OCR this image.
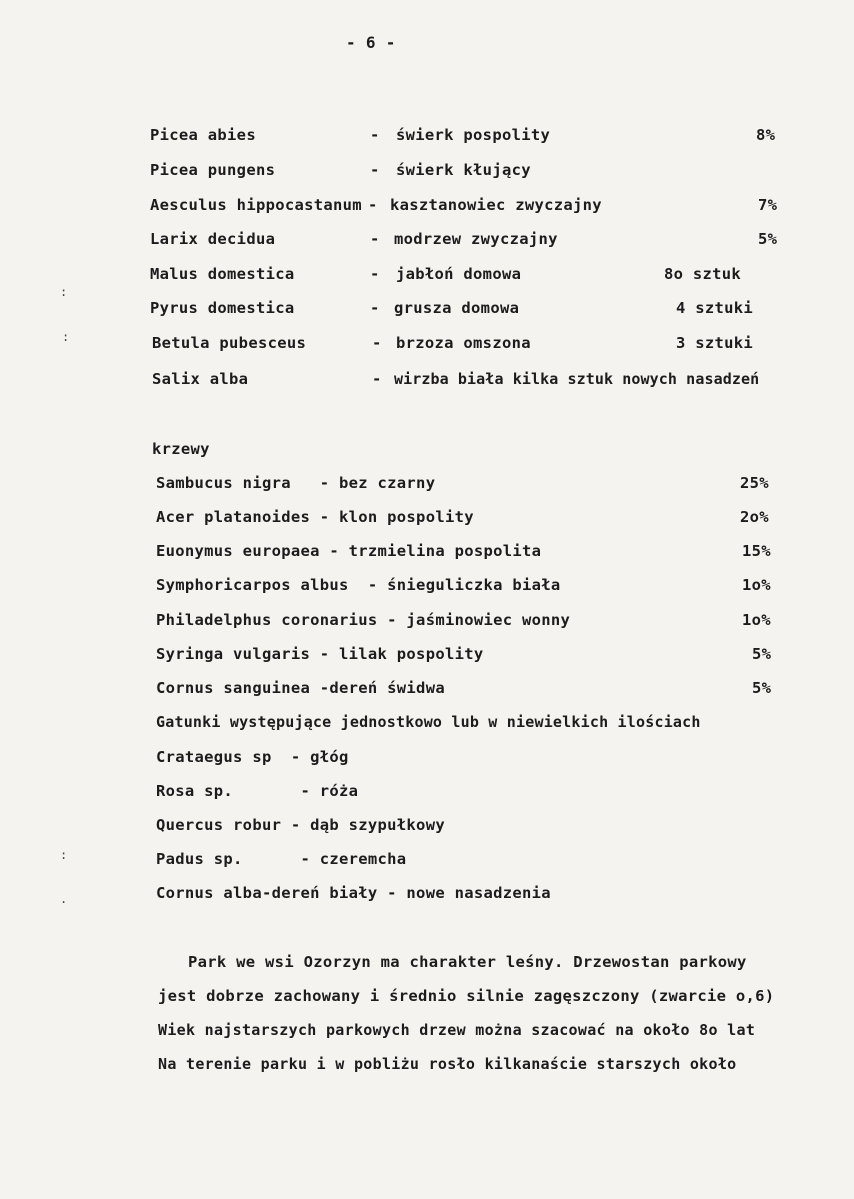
- 6 -
Picea abies	- świerk pospolity	8%
Picea pungens	- świerk kłujący
Aesculus hippocastanum - kasztanowiec zwyczajny	7%
Larix decidua	- modrzew zwyczajny	5%
Malus domestica	- jabłoń domowa	8o sztuk
Pyrus domestica	- grusza domowa	4 sztuki
Betula pubesceus	- brzoza omszona	3 sztuki
Salix alba	- wirzba biała kilka sztuk nowych nasadzeń
krzewy
Sambucus nigra   - bez czarny	25%
Acer platanoides - klon pospolity	2o%
Euonymus europaea - trzmielina pospolita	15%
Symphoricarpos albus  - śnieguliczka biała	1o%
Philadelphus coronarius - jaśminowiec wonny	1o%
Syringa vulgaris - lilak pospolity	5%
Cornus sanguinea -dereń świdwa	5%
Gatunki występujące jednostkowo lub w niewielkich ilościach
Crataegus sp  - głóg
Rosa sp.       - róża
Quercus robur - dąb szypułkowy
Padus sp.      - czeremcha
Cornus alba-dereń biały - nowe nasadzenia
Park we wsi Ozorzyn ma charakter leśny. Drzewostan parkowy
jest dobrze zachowany i średnio silnie zagęszczony (zwarcie o,6)
Wiek najstarszych parkowych drzew można szacować na około 8o lat
Na terenie parku i w pobliżu rosło kilkanaście starszych około
:
:
:
.
